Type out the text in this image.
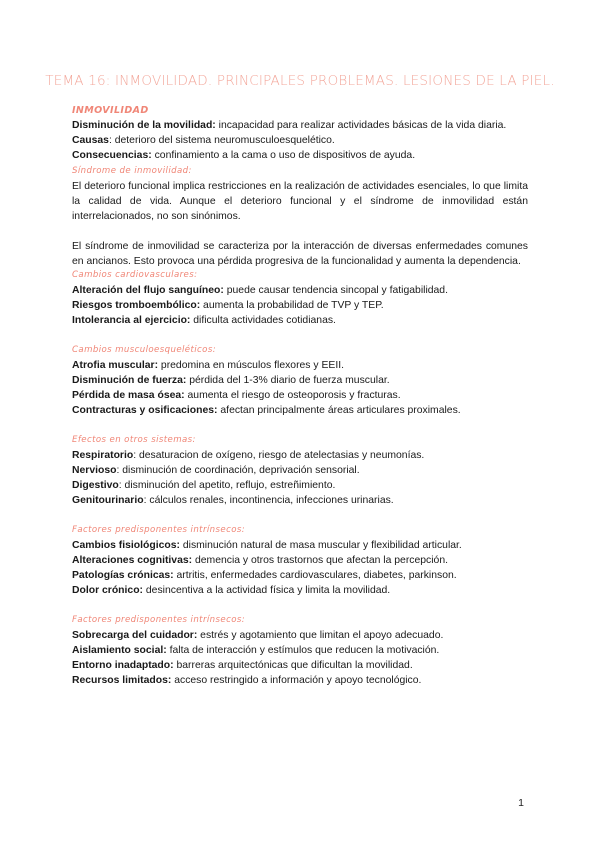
TEMA 16: INMOVILIDAD. PRINCIPALES PROBLEMAS. LESIONES DE LA PIEL.
INMOVILIDAD

Disminución de la movilidad: incapacidad para realizar actividades básicas de la vida diaria.

Causas: deterioro del sistema neuromusculoesquelético.

Consecuencias: confinamiento a la cama o uso de dispositivos de ayuda.

Síndrome de inmovilidad:

El deterioro funcional implica restricciones en la realización de actividades esenciales, lo que limita la calidad de vida. Aunque el deterioro funcional y el síndrome de inmovilidad están interrelacionados, no son sinónimos.

El síndrome de inmovilidad se caracteriza por la interacción de diversas enfermedades comunes en ancianos. Esto provoca una pérdida progresiva de la funcionalidad y aumenta la dependencia.

Cambios cardiovasculares:

Alteración del flujo sanguíneo: puede causar tendencia sincopal y fatigabilidad.

Riesgos tromboembólico: aumenta la probabilidad de TVP y TEP.

Intolerancia al ejercicio: dificulta actividades cotidianas.

Cambios musculoesqueléticos:

Atrofia muscular: predomina en músculos flexores y EEII.

Disminución de fuerza: pérdida del 1-3% diario de fuerza muscular.

Pérdida de masa ósea: aumenta el riesgo de osteoporosis y fracturas.

Contracturas y osificaciones: afectan principalmente áreas articulares proximales.

Efectos en otros sistemas:

Respiratorio: desaturacion de oxígeno, riesgo de atelectasias y neumonías.

Nervioso: disminución de coordinación, deprivación sensorial.

Digestivo: disminución del apetito, reflujo, estreñimiento.

Genitourinario: cálculos renales, incontinencia, infecciones urinarias.

Factores predisponentes intrínsecos:

Cambios fisiológicos: disminución natural de masa muscular y flexibilidad articular.

Alteraciones cognitivas: demencia y otros trastornos que afectan la percepción.

Patologías crónicas: artritis, enfermedades cardiovasculares, diabetes, parkinson.

Dolor crónico: desincentiva a la actividad física y limita la movilidad.

Factores predisponentes intrínsecos:

Sobrecarga del cuidador: estrés y agotamiento que limitan el apoyo adecuado.

Aislamiento social: falta de interacción y estímulos que reducen la motivación.

Entorno inadaptado: barreras arquitectónicas que dificultan la movilidad.

Recursos limitados: acceso restringido a información y apoyo tecnológico.

1
